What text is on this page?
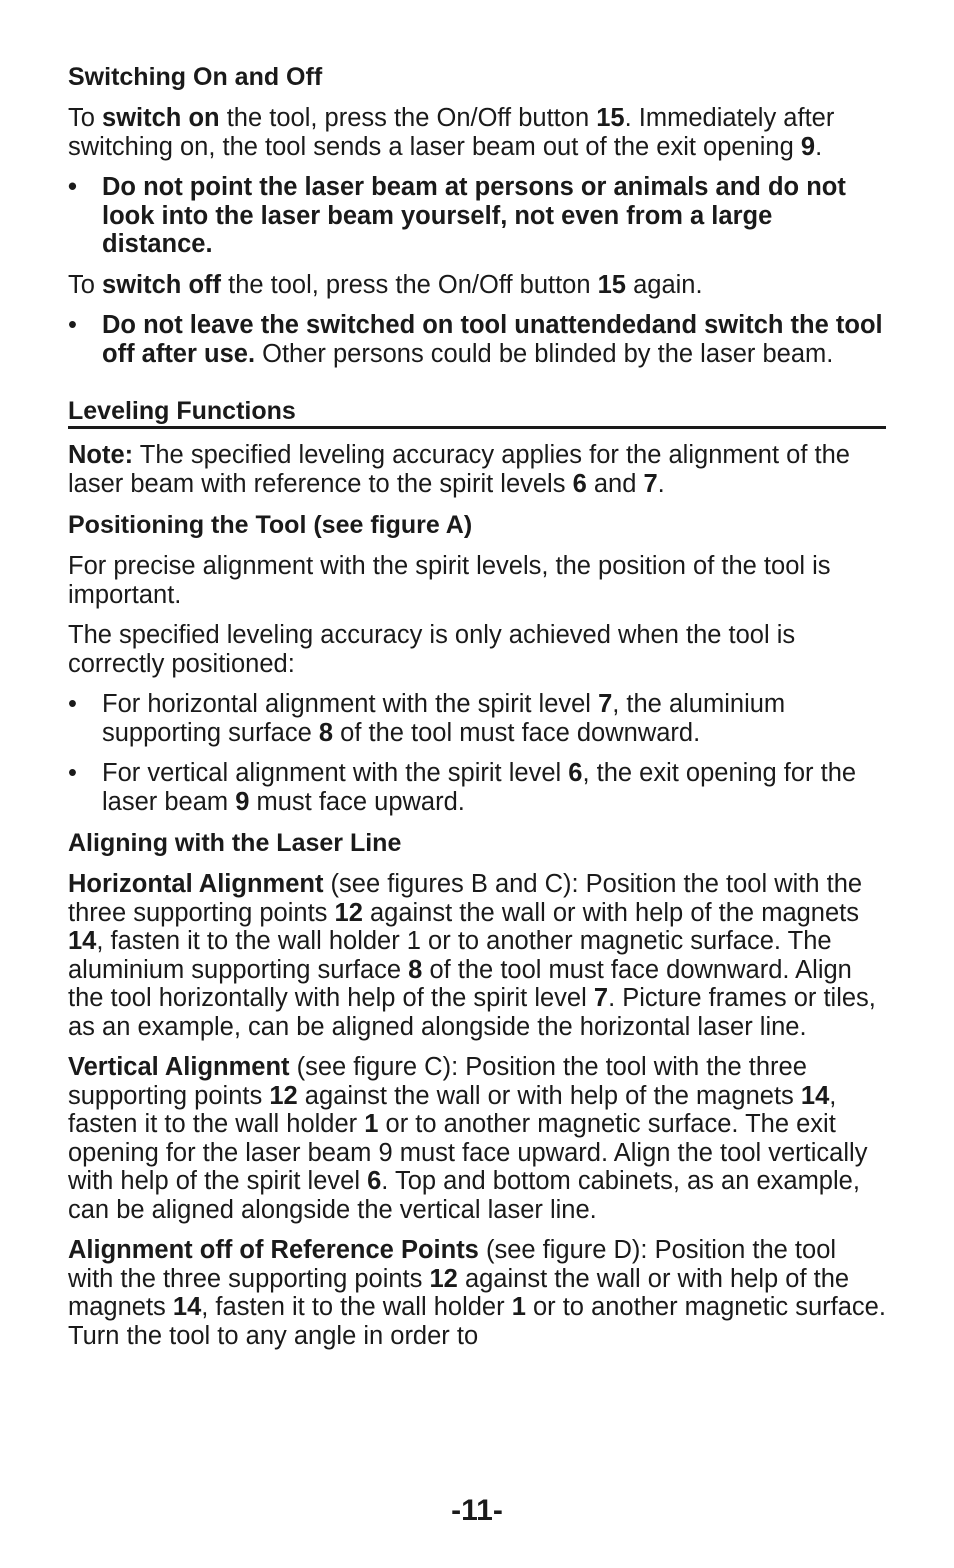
Switching On and Off
To switch on the tool, press the On/Off button 15. Immediately after switching on, the tool sends a laser beam out of the exit opening 9.
• Do not point the laser beam at persons or animals and do not look into the laser beam yourself, not even from a large distance.
To switch off the tool, press the On/Off button 15 again.
• Do not leave the switched on tool unattendedand switch the tool off after use. Other persons could be blinded by the laser beam.
Leveling Functions
Note: The specified leveling accuracy applies for the alignment of the laser beam with reference to the spirit levels 6 and 7.
Positioning the Tool (see figure A)
For precise alignment with the spirit levels, the position of the tool is important.
The specified leveling accuracy is only achieved when the tool is correctly positioned:
• For horizontal alignment with the spirit level 7, the aluminium supporting surface 8 of the tool must face downward.
• For vertical alignment with the spirit level 6, the exit opening for the laser beam 9 must face upward.
Aligning with the Laser Line
Horizontal Alignment (see figures B and C): Position the tool with the three supporting points 12 against the wall or with help of the magnets 14, fasten it to the wall holder 1 or to another magnetic surface. The aluminium supporting surface 8 of the tool must face downward. Align the tool horizontally with help of the spirit level 7. Picture frames or tiles, as an example, can be aligned alongside the horizontal laser line.
Vertical Alignment (see figure C): Position the tool with the three supporting points 12 against the wall or with help of the magnets 14, fasten it to the wall holder 1 or to another magnetic surface. The exit opening for the laser beam 9 must face upward. Align the tool vertically with help of the spirit level 6. Top and bottom cabinets, as an example, can be aligned alongside the vertical laser line.
Alignment off of Reference Points (see figure D): Position the tool with the three supporting points 12 against the wall or with help of the magnets 14, fasten it to the wall holder 1 or to another magnetic surface. Turn the tool to any angle in order to
-11-
